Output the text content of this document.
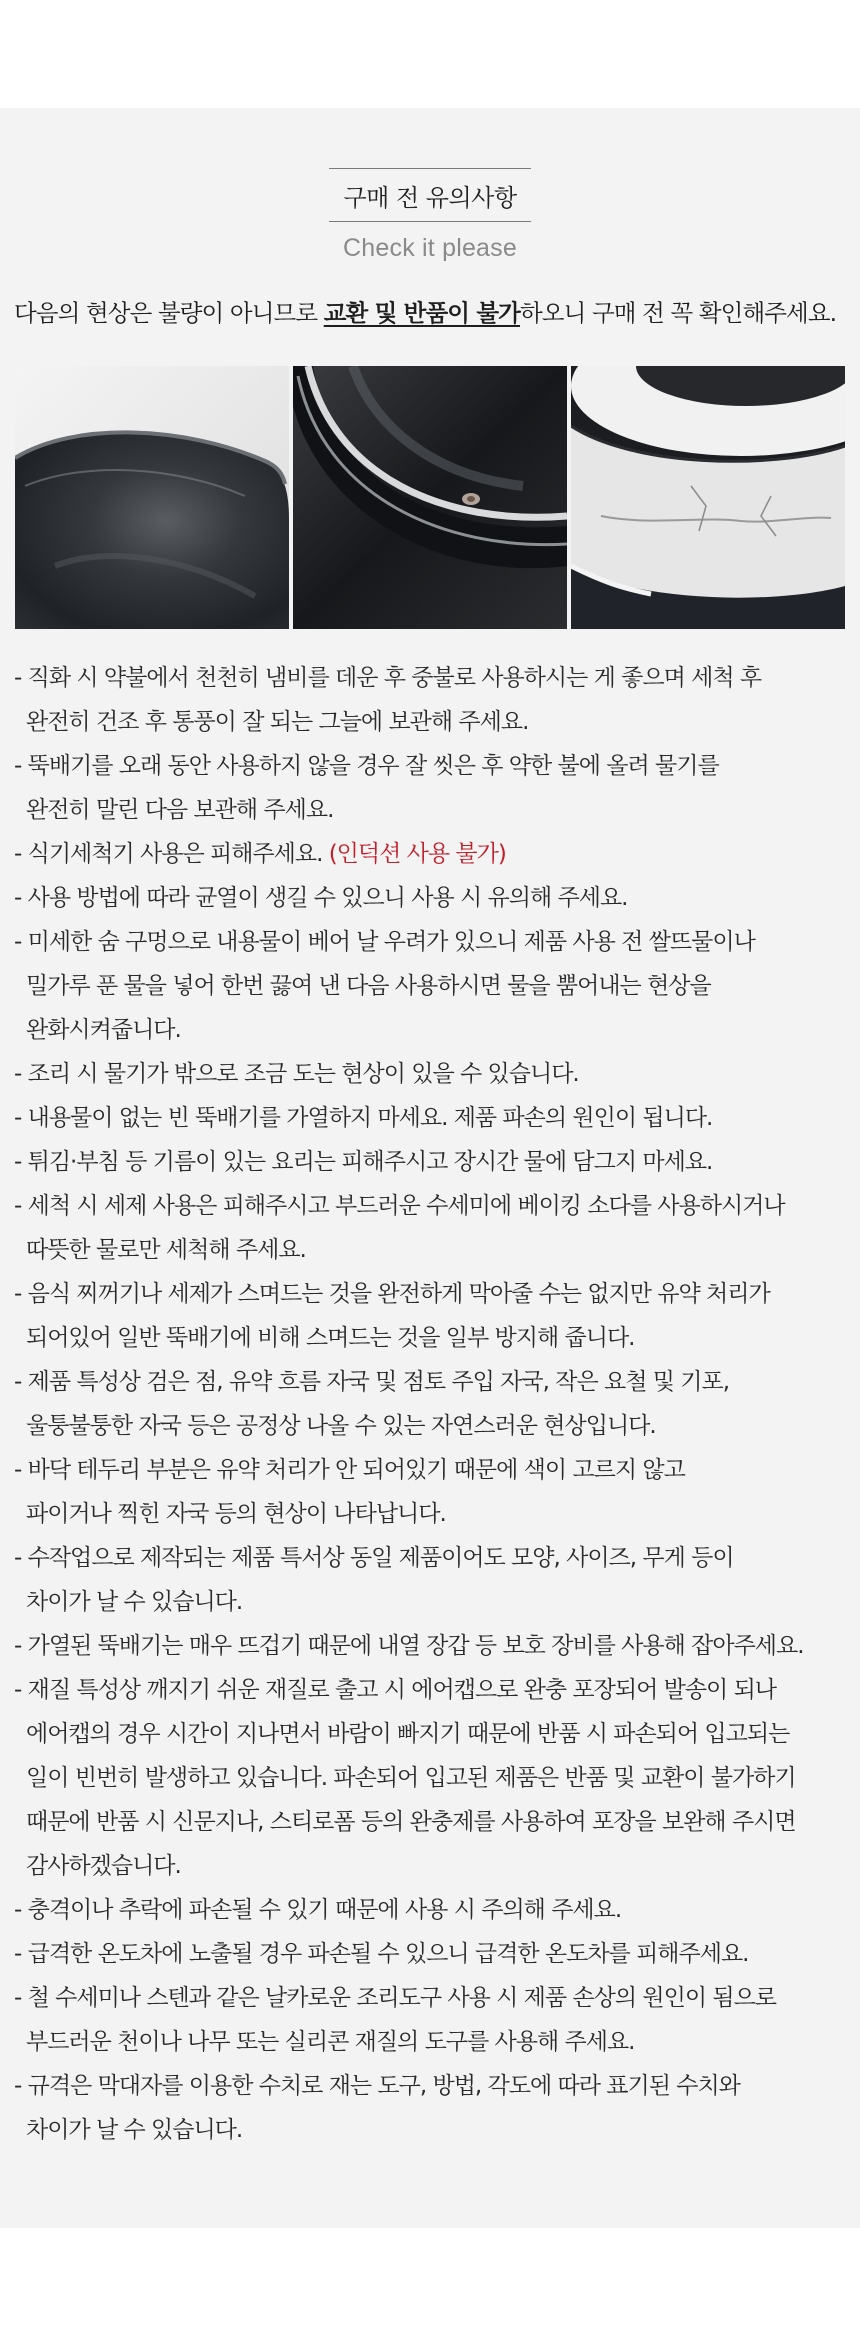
구매 전 유의사항
Check it please
다음의 현상은 불량이 아니므로 교환 및 반품이 불가하오니 구매 전 꼭 확인해주세요.
- 직화 시 약불에서 천천히 냄비를 데운 후 중불로 사용하시는 게 좋으며 세척 후
완전히 건조 후 통풍이 잘 되는 그늘에 보관해 주세요.
- 뚝배기를 오래 동안 사용하지 않을 경우 잘 씻은 후 약한 불에 올려 물기를
완전히 말린 다음 보관해 주세요.
- 식기세척기 사용은 피해주세요. (인덕션 사용 불가)
- 사용 방법에 따라 균열이 생길 수 있으니 사용 시 유의해 주세요.
- 미세한 숨 구멍으로 내용물이 베어 날 우려가 있으니 제품 사용 전 쌀뜨물이나
밀가루 푼 물을 넣어 한번 끓여 낸 다음 사용하시면 물을 뿜어내는 현상을
완화시켜줍니다.
- 조리 시 물기가 밖으로 조금 도는 현상이 있을 수 있습니다.
- 내용물이 없는 빈 뚝배기를 가열하지 마세요. 제품 파손의 원인이 됩니다.
- 튀김·부침 등 기름이 있는 요리는 피해주시고 장시간 물에 담그지 마세요.
- 세척 시 세제 사용은 피해주시고 부드러운 수세미에 베이킹 소다를 사용하시거나
따뜻한 물로만 세척해 주세요.
- 음식 찌꺼기나 세제가 스며드는 것을 완전하게 막아줄 수는 없지만 유약 처리가
되어있어 일반 뚝배기에 비해 스며드는 것을 일부 방지해 줍니다.
- 제품 특성상 검은 점, 유약 흐름 자국 및 점토 주입 자국, 작은 요철 및 기포,
울퉁불퉁한 자국 등은 공정상 나올 수 있는 자연스러운 현상입니다.
- 바닥 테두리 부분은 유약 처리가 안 되어있기 때문에 색이 고르지 않고
파이거나 찍힌 자국 등의 현상이 나타납니다.
- 수작업으로 제작되는 제품 특서상 동일 제품이어도 모양, 사이즈, 무게 등이
차이가 날 수 있습니다.
- 가열된 뚝배기는 매우 뜨겁기 때문에 내열 장갑 등 보호 장비를 사용해 잡아주세요.
- 재질 특성상 깨지기 쉬운 재질로 출고 시 에어캡으로 완충 포장되어 발송이 되나
에어캡의 경우 시간이 지나면서 바람이 빠지기 때문에 반품 시 파손되어 입고되는
일이 빈번히 발생하고 있습니다. 파손되어 입고된 제품은 반품 및 교환이 불가하기
때문에 반품 시 신문지나, 스티로폼 등의 완충제를 사용하여 포장을 보완해 주시면
감사하겠습니다.
- 충격이나 추락에 파손될 수 있기 때문에 사용 시 주의해 주세요.
- 급격한 온도차에 노출될 경우 파손될 수 있으니 급격한 온도차를 피해주세요.
- 철 수세미나 스텐과 같은 날카로운 조리도구 사용 시 제품 손상의 원인이 됨으로
부드러운 천이나 나무 또는 실리콘 재질의 도구를 사용해 주세요.
- 규격은 막대자를 이용한 수치로 재는 도구, 방법, 각도에 따라 표기된 수치와
차이가 날 수 있습니다.
